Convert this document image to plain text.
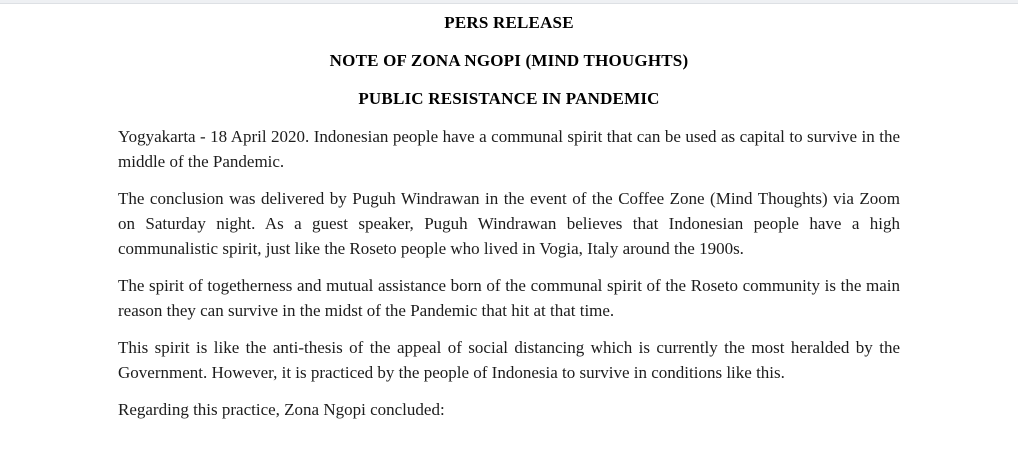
PERS RELEASE
NOTE OF ZONA NGOPI (MIND THOUGHTS)
PUBLIC RESISTANCE IN PANDEMIC

Yogyakarta - 18 April 2020. Indonesian people have a communal spirit that can be used as capital to survive in the middle of the Pandemic.

The conclusion was delivered by Puguh Windrawan in the event of the Coffee Zone (Mind Thoughts) via Zoom on Saturday night. As a guest speaker, Puguh Windrawan believes that Indonesian people have a high communalistic spirit, just like the Roseto people who lived in Vogia, Italy around the 1900s.

The spirit of togetherness and mutual assistance born of the communal spirit of the Roseto community is the main reason they can survive in the midst of the Pandemic that hit at that time.

This spirit is like the anti-thesis of the appeal of social distancing which is currently the most heralded by the Government. However, it is practiced by the people of Indonesia to survive in conditions like this.

Regarding this practice, Zona Ngopi concluded:
